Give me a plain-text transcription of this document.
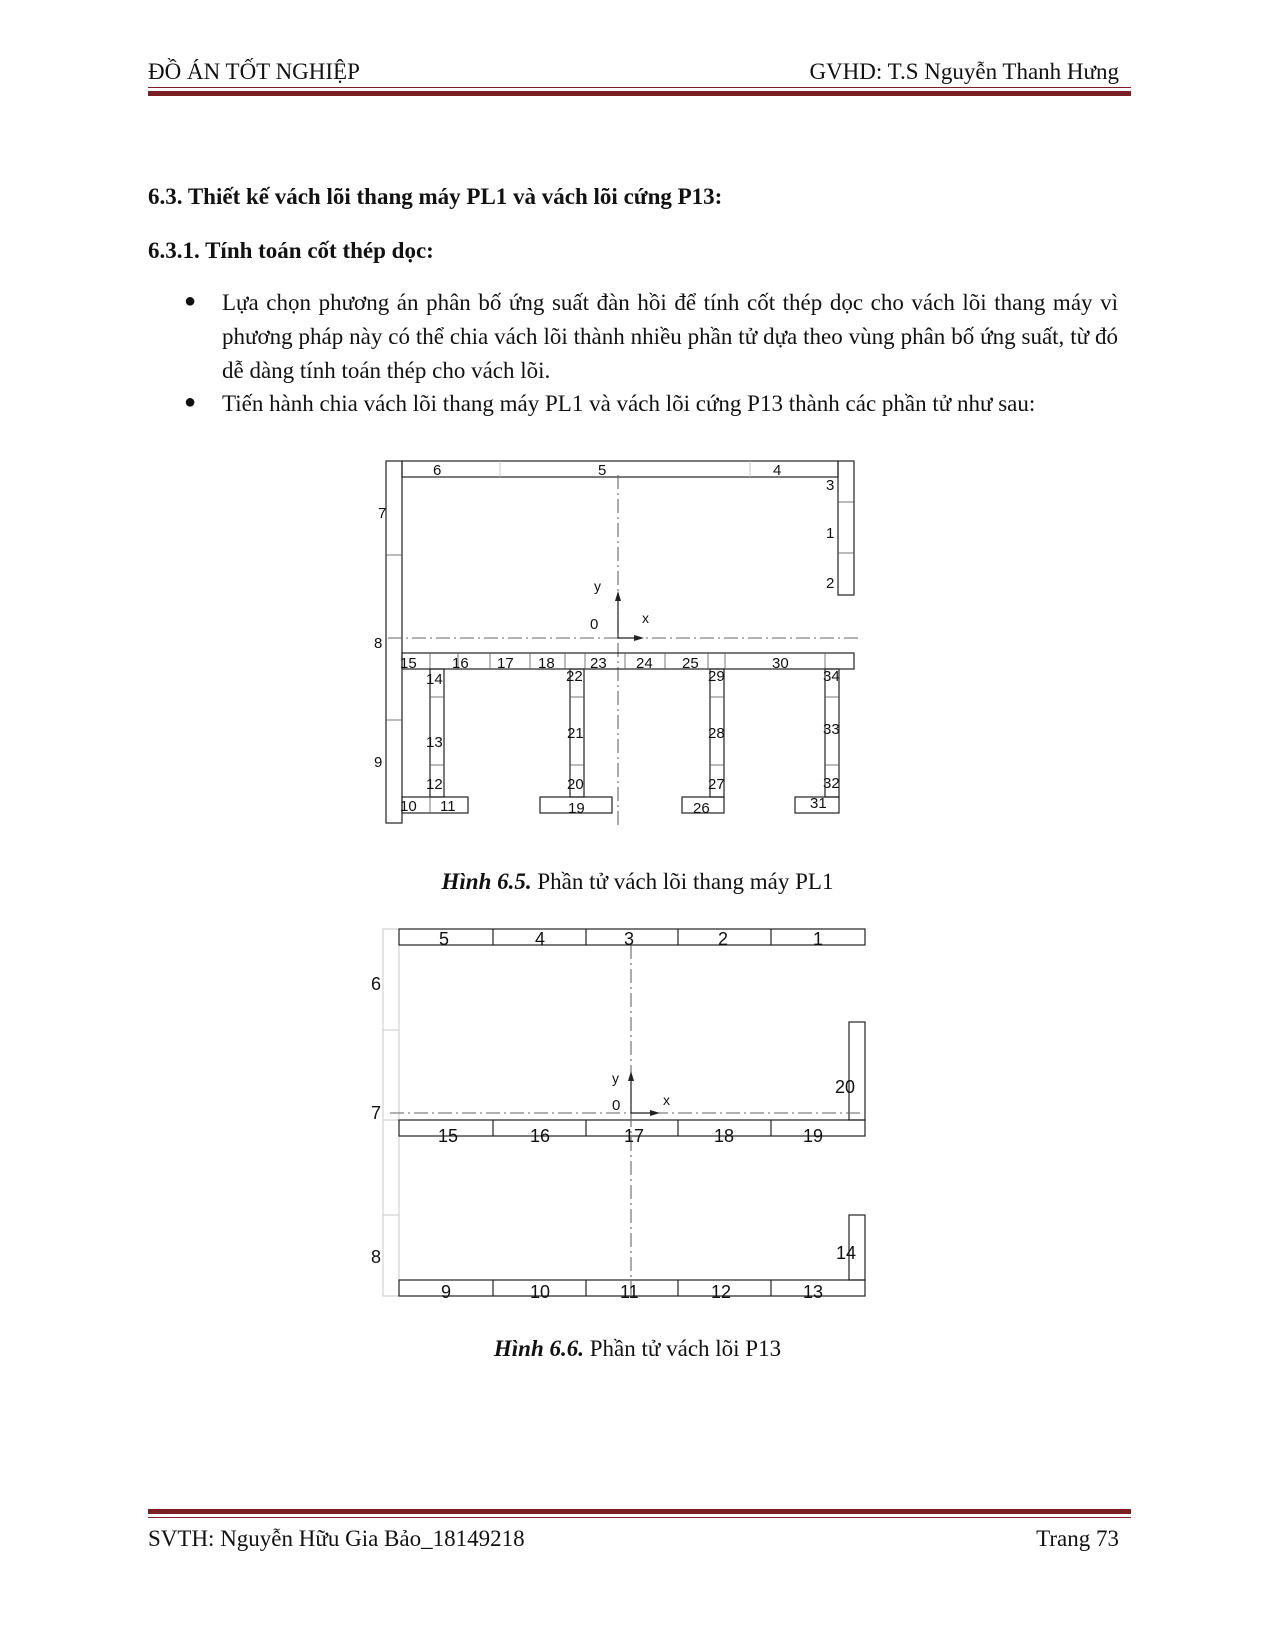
ĐỒ ÁN TỐT NGHIỆP	GVHD: T.S Nguyễn Thanh Hưng
6.3. Thiết kế vách lõi thang máy PL1 và vách lõi cứng P13:
6.3.1. Tính toán cốt thép dọc:
● Lựa chọn phương án phân bố ứng suất đàn hồi để tính cốt thép dọc cho vách lõi thang máy vì phương pháp này có thể chia vách lõi thành nhiều phần tử dựa theo vùng phân bố ứng suất, từ đó dễ dàng tính toán thép cho vách lõi.
● Tiến hành chia vách lõi thang máy PL1 và vách lõi cứng P13 thành các phần tử như sau:
y
0	x
1
2
3
4
5
6
7
8
9
10 11
12
13
14
15 16 17 18
19
20
21
22
23 24 25
26
27
28
29
30
31
32
33
34
Hình 6.5. Phần tử vách lõi thang máy PL1
y
0	x
1
2
3
4
5
6
7
8
9	10	11	12	13
14
15	16	17	18	19
20
Hình 6.6. Phần tử vách lõi P13
SVTH: Nguyễn Hữu Gia Bảo_18149218	Trang 73
